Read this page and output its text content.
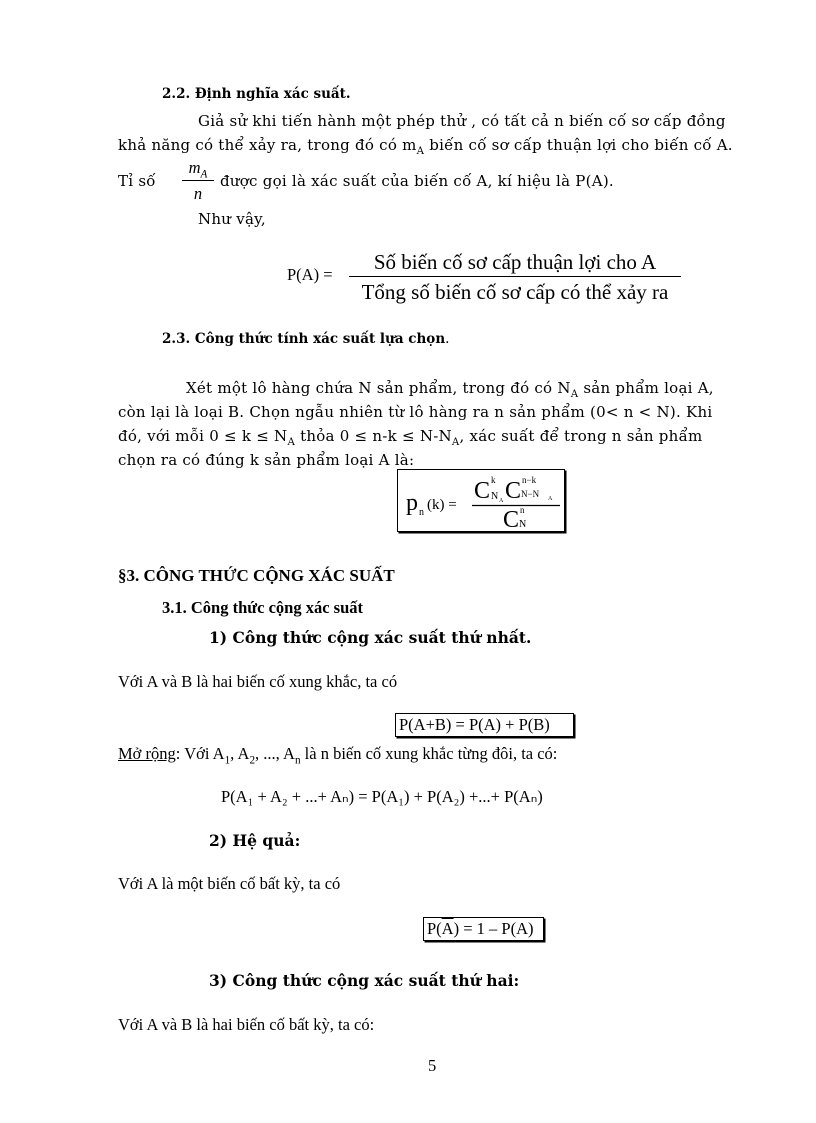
2.2. Định nghĩa xác suất.
Giả sử khi tiến hành một phép thử , có tất cả n biến cố sơ cấp đồng
khả năng có thể xảy ra, trong đó có $m_A$ biến cố sơ cấp thuận lợi cho biến cố A.
Tỉ số
$m_A$
n
được gọi là xác suất của biến cố A, kí hiệu là P(A).
Như vậy,
P(A) =
Số biến cố sơ cấp thuận lợi cho A
Tổng số biến cố sơ cấp có thể xảy ra
2.3. Công thức tính xác suất lựa chọn.
Xét một lô hàng chứa N sản phẩm, trong đó có $N_A$ sản phẩm loại A,
còn lại là loại B. Chọn ngẫu nhiên từ lô hàng ra n sản phẩm (0< n < N). Khi
đó, với mỗi $0 \le k \le N_A$ thỏa $0 \le n-k \le N-N_A$, xác suất để trong n sản phẩm
chọn ra có đúng k sản phẩm loại A là:
p n (k) =
C k
N A C n−k
N−N A
C n
N
§3. CÔNG THỨC CỘNG XÁC SUẤT
3.1. Công thức cộng xác suất
1) Công thức cộng xác suất thứ nhất.
Với A và B là hai biến cố xung khắc, ta có
P(A+B) = P(A) + P(B)
Mở rộng: Với $A_1$, $A_2$, ..., $A_n$ là n biến cố xung khắc từng đôi, ta có:
P(A₁ + A₂ + ...+ Aₙ) = P(A₁) + P(A₂) +...+ P(Aₙ)
2) Hệ quả:
Với A là một biến cố bất kỳ, ta có
$P(\overline{A}) = 1 - P(A)$
3) Công thức cộng xác suất thứ hai:
Với A và B là hai biến cố bất kỳ, ta có:
5
